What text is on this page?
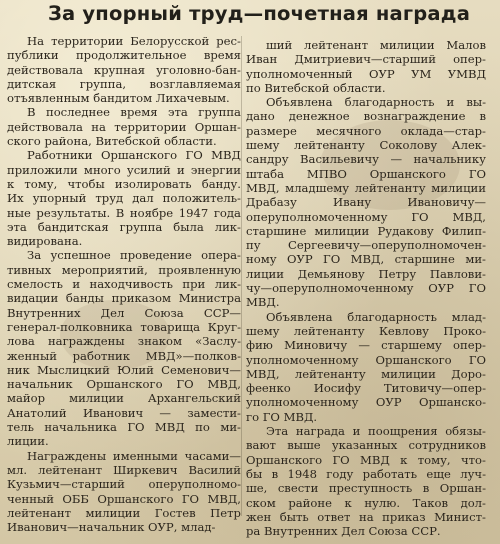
За упорный труд—почетная награда
На территории Белорусской рес-
публики продолжительное время
действовала крупная уголовно-бан-
дитская группа, возглавляемая
отъявленным бандитом Лихачевым.
В последнее время эта группа
действовала на территории Оршан-
ского района, Витебской области.
Работники Оршанского ГО МВД
приложили много усилий и энергии
к тому, чтобы изолировать банду.
Их упорный труд дал положитель-
ные результаты. В ноябре 1947 года
эта бандитская группа была лик-
видирована.
За успешное проведение опера-
тивных мероприятий, проявленную
смелость и находчивость при лик-
видации банды приказом Министра
Внутренних Дел Союза ССР—
генерал-полковника товарища Круг-
лова награждены знаком «Заслу-
женный работник МВД»—полков-
ник Мыслицкий Юлий Семенович—
начальник Оршанского ГО МВД,
майор милиции Архангельский
Анатолий Иванович — замести-
тель начальника ГО МВД по ми-
лиции.
Награждены именными часами—
мл. лейтенант Ширкевич Василий
Кузьмич—старший оперуполномо-
ченный ОББ Оршанского ГО МВД,
лейтенант милиции Гостев Петр
Иванович—начальник ОУР, млад-
ший лейтенант милиции Малов
Иван Дмитриевич—старший опер-
уполномоченный ОУР УМ УМВД
по Витебской области.
Объявлена благодарность и вы-
дано денежное вознаграждение в
размере месячного оклада—стар-
шему лейтенанту Соколову Алек-
сандру Васильевичу — начальнику
штаба МПВО Оршанского ГО
МВД, младшему лейтенанту милиции
Драбазу	Ивану	Ивановичу—
оперуполномоченному ГО МВД,
старшине милиции Рудакову Филип-
пу Сергеевичу—оперуполномочен-
ному ОУР ГО МВД, старшине ми-
лиции Демьянову Петру Павлови-
чу—оперуполномоченному ОУР ГО
МВД.
Объявлена благодарность млад-
шему лейтенанту Кевлову Проко-
фию Миновичу — старшему опер-
уполномоченному Оршанского ГО
МВД, лейтенанту милиции Доро-
феенко Иосифу Титовичу—опер-
уполномоченному ОУР Оршанско-
го ГО МВД.
Эта награда и поощрения обязы-
вают выше указанных сотрудников
Оршанского ГО МВД к тому, что-
бы в 1948 году работать еще луч-
ше, свести преступность в Оршан-
ском районе к нулю. Таков дол-
жен быть ответ на приказ Минист-
ра Внутренних Дел Союза ССР.
